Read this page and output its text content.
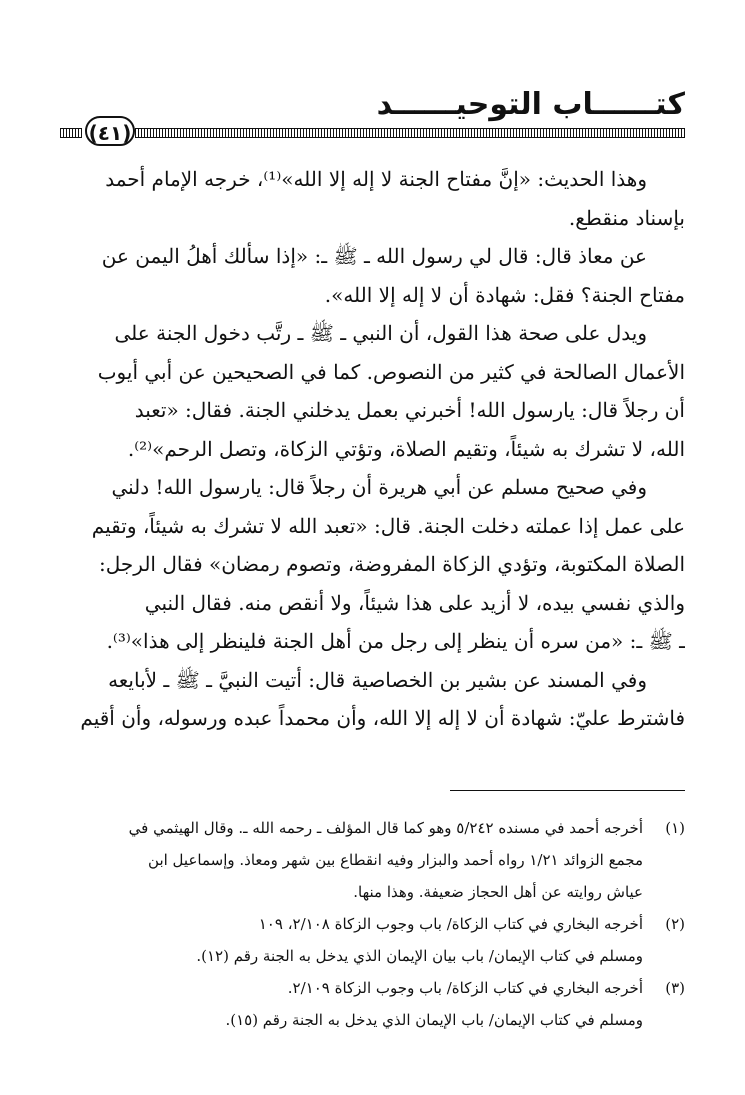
كتــــــاب التوحيــــــد
(٤١)
وهذا الحديث: «إنَّ مفتاح الجنة لا إله إلا الله»⁽¹⁾، خرجه الإمام أحمد
بإسناد منقطع.
عن معاذ قال: قال لي رسول الله ـ ﷺ ـ: «إذا سألك أهلُ اليمن عن
مفتاح الجنة؟ فقل: شهادة أن لا إله إلا الله».
ويدل على صحة هذا القول، أن النبي ـ ﷺ ـ رتَّب دخول الجنة على
الأعمال الصالحة في كثير من النصوص. كما في الصحيحين عن أبي أيوب
أن رجلاً قال: يارسول الله! أخبرني بعمل يدخلني الجنة. فقال: «تعبد
الله، لا تشرك به شيئاً، وتقيم الصلاة، وتؤتي الزكاة، وتصل الرحم»⁽²⁾.
وفي صحيح مسلم عن أبي هريرة أن رجلاً قال: يارسول الله! دلني
على عمل إذا عملته دخلت الجنة. قال: «تعبد الله لا تشرك به شيئاً، وتقيم
الصلاة المكتوبة، وتؤدي الزكاة المفروضة، وتصوم رمضان» فقال الرجل:
والذي نفسي بيده، لا أزيد على هذا شيئاً، ولا أنقص منه. فقال النبي
ـ ﷺ ـ: «من سره أن ينظر إلى رجل من أهل الجنة فلينظر إلى هذا»⁽³⁾.
وفي المسند عن بشير بن الخصاصية قال: أتيت النبيَّ ـ ﷺ ـ لأبايعه
فاشترط عليّ: شهادة أن لا إله إلا الله، وأن محمداً عبده ورسوله، وأن أقيم
(١)
أخرجه أحمد في مسنده ٥/٢٤٢ وهو كما قال المؤلف ـ رحمه الله ـ. وقال الهيثمي في
مجمع الزوائد ١/٢١ رواه أحمد والبزار وفيه انقطاع بين شهر ومعاذ. وإسماعيل ابن
عياش روايته عن أهل الحجاز ضعيفة. وهذا منها.
(٢)
أخرجه البخاري في كتاب الزكاة/ باب وجوب الزكاة ٢/١٠٨، ١٠٩
ومسلم في كتاب الإيمان/ باب بيان الإيمان الذي يدخل به الجنة رقم (١٢).
(٣)
أخرجه البخاري في كتاب الزكاة/ باب وجوب الزكاة ٢/١٠٩.
ومسلم في كتاب الإيمان/ باب الإيمان الذي يدخل به الجنة رقم (١٥).
